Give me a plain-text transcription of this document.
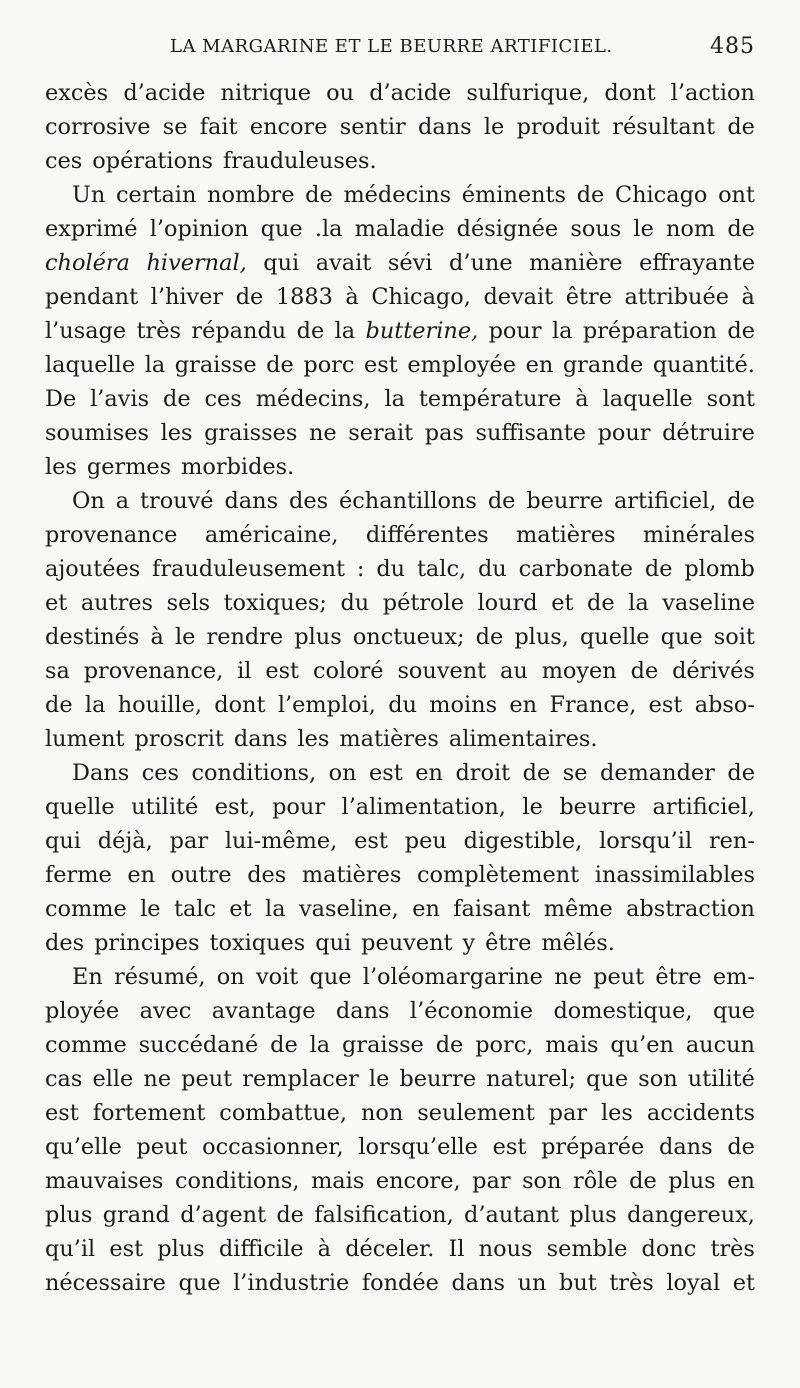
LA MARGARINE ET LE BEURRE ARTIFICIEL.	485
excès d’acide nitrique ou d’acide sulfurique, dont l’action
corrosive se fait encore sentir dans le produit résultant de
ces opérations frauduleuses.
Un certain nombre de médecins éminents de Chicago ont
exprimé l’opinion que .la maladie désignée sous le nom de
choléra hivernal, qui avait sévi d’une manière effrayante
pendant l’hiver de 1883 à Chicago, devait être attribuée à
l’usage très répandu de la butterine, pour la préparation de
laquelle la graisse de porc est employée en grande quantité.
De l’avis de ces médecins, la température à laquelle sont
soumises les graisses ne serait pas suffisante pour détruire
les germes morbides.
On a trouvé dans des échantillons de beurre artificiel, de
provenance américaine, différentes matières minérales
ajoutées frauduleusement : du talc, du carbonate de plomb
et autres sels toxiques; du pétrole lourd et de la vaseline
destinés à le rendre plus onctueux; de plus, quelle que soit
sa provenance, il est coloré souvent au moyen de dérivés
de la houille, dont l’emploi, du moins en France, est abso-
lument proscrit dans les matières alimentaires.
Dans ces conditions, on est en droit de se demander de
quelle utilité est, pour l’alimentation, le beurre artificiel,
qui déjà, par lui-même, est peu digestible, lorsqu’il ren-
ferme en outre des matières complètement inassimilables
comme le talc et la vaseline, en faisant même abstraction
des principes toxiques qui peuvent y être mêlés.
En résumé, on voit que l’oléomargarine ne peut être em-
ployée avec avantage dans l’économie domestique, que
comme succédané de la graisse de porc, mais qu’en aucun
cas elle ne peut remplacer le beurre naturel; que son utilité
est fortement combattue, non seulement par les accidents
qu’elle peut occasionner, lorsqu’elle est préparée dans de
mauvaises conditions, mais encore, par son rôle de plus en
plus grand d’agent de falsification, d’autant plus dangereux,
qu’il est plus difficile à déceler. Il nous semble donc très
nécessaire que l’industrie fondée dans un but très loyal et
